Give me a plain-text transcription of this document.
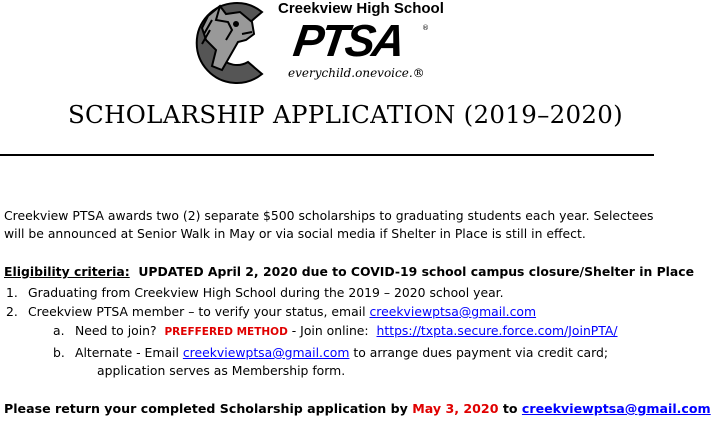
Creekview High School
PTSA ®
everychild.onevoice.®
SCHOLARSHIP APPLICATION (2019–2020)
Creekview PTSA awards two (2) separate $500 scholarships to graduating students each year. Selectees
will be announced at Senior Walk in May or via social media if Shelter in Place is still in effect.
Eligibility criteria: UPDATED April 2, 2020 due to COVID-19 school campus closure/Shelter in Place
1. Graduating from Creekview High School during the 2019 – 2020 school year.
2. Creekview PTSA member – to verify your status, email creekviewptsa@gmail.com
a. Need to join?  PREFFERED METHOD - Join online:  https://txpta.secure.force.com/JoinPTA/
b. Alternate - Email creekviewptsa@gmail.com to arrange dues payment via credit card;
application serves as Membership form.
Please return your completed Scholarship application by May 3, 2020 to creekviewptsa@gmail.com
